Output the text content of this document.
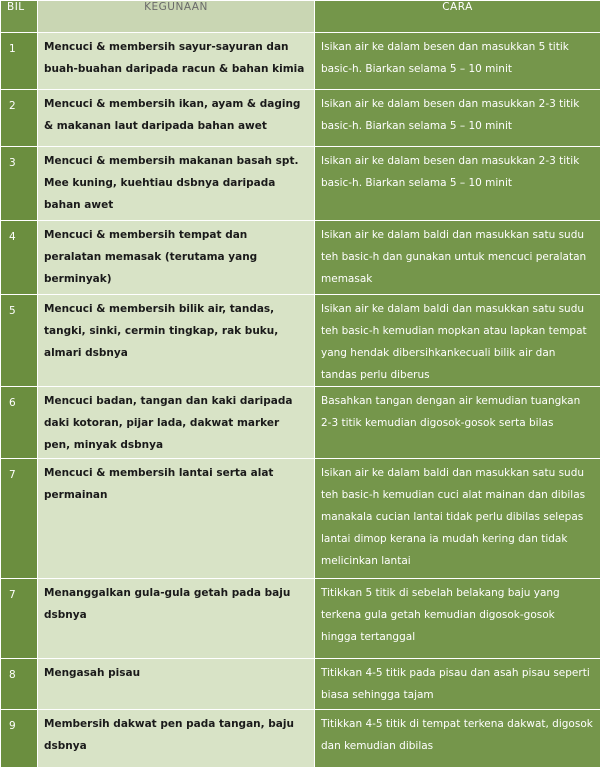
BIL	KEGUNAAN	CARA
1	Mencuci & membersih sayur-sayuran dan buah-buahan daripada racun & bahan kimia	Isikan air ke dalam besen dan masukkan 5 titik basic-h. Biarkan selama 5 – 10 minit
2	Mencuci & membersih ikan, ayam & daging & makanan laut daripada bahan awet	Isikan air ke dalam besen dan masukkan 2-3 titik basic-h. Biarkan selama 5 – 10 minit
3	Mencuci & membersih makanan basah spt. Mee kuning, kuehtiau dsbnya daripada bahan awet	Isikan air ke dalam besen dan masukkan 2-3 titik basic-h. Biarkan selama 5 – 10 minit
4	Mencuci & membersih tempat dan peralatan memasak (terutama yang berminyak)	Isikan air ke dalam baldi dan masukkan satu sudu teh basic-h dan gunakan untuk mencuci peralatan memasak
5	Mencuci & membersih bilik air, tandas, tangki, sinki, cermin tingkap, rak buku, almari dsbnya	Isikan air ke dalam baldi dan masukkan satu sudu teh basic-h kemudian mopkan atau lapkan tempat yang hendak dibersihkankecuali bilik air dan tandas perlu diberus
6	Mencuci badan, tangan dan kaki daripada daki kotoran, pijar lada, dakwat marker pen, minyak dsbnya	Basahkan tangan dengan air kemudian tuangkan 2-3 titik kemudian digosok-gosok serta bilas
7	Mencuci & membersih lantai serta alat permainan	Isikan air ke dalam baldi dan masukkan satu sudu teh basic-h kemudian cuci alat mainan dan dibilas manakala cucian lantai tidak perlu dibilas selepas lantai dimop kerana ia mudah kering dan tidak melicinkan lantai
7	Menanggalkan gula-gula getah pada baju dsbnya	Titikkan 5 titik di sebelah belakang baju yang terkena gula getah kemudian digosok-gosok hingga tertanggal
8	Mengasah pisau	Titikkan 4-5 titik pada pisau dan asah pisau seperti biasa sehingga tajam
9	Membersih dakwat pen pada tangan, baju dsbnya	Titikkan 4-5 titik di tempat terkena dakwat, digosok dan kemudian dibilas
